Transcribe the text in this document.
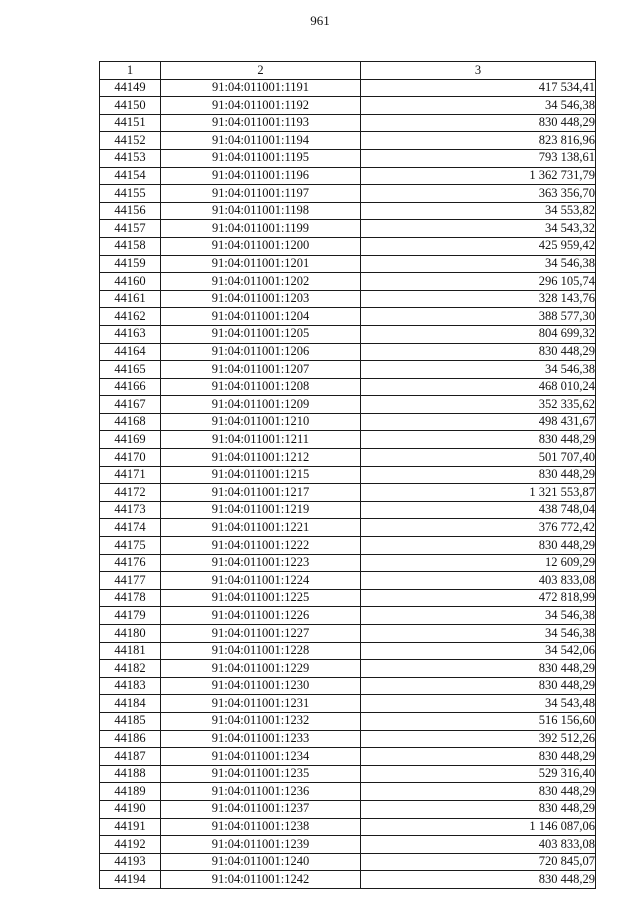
961
1	2	3
44149	91:04:011001:1191	417 534,41
44150	91:04:011001:1192	34 546,38
44151	91:04:011001:1193	830 448,29
44152	91:04:011001:1194	823 816,96
44153	91:04:011001:1195	793 138,61
44154	91:04:011001:1196	1 362 731,79
44155	91:04:011001:1197	363 356,70
44156	91:04:011001:1198	34 553,82
44157	91:04:011001:1199	34 543,32
44158	91:04:011001:1200	425 959,42
44159	91:04:011001:1201	34 546,38
44160	91:04:011001:1202	296 105,74
44161	91:04:011001:1203	328 143,76
44162	91:04:011001:1204	388 577,30
44163	91:04:011001:1205	804 699,32
44164	91:04:011001:1206	830 448,29
44165	91:04:011001:1207	34 546,38
44166	91:04:011001:1208	468 010,24
44167	91:04:011001:1209	352 335,62
44168	91:04:011001:1210	498 431,67
44169	91:04:011001:1211	830 448,29
44170	91:04:011001:1212	501 707,40
44171	91:04:011001:1215	830 448,29
44172	91:04:011001:1217	1 321 553,87
44173	91:04:011001:1219	438 748,04
44174	91:04:011001:1221	376 772,42
44175	91:04:011001:1222	830 448,29
44176	91:04:011001:1223	12 609,29
44177	91:04:011001:1224	403 833,08
44178	91:04:011001:1225	472 818,99
44179	91:04:011001:1226	34 546,38
44180	91:04:011001:1227	34 546,38
44181	91:04:011001:1228	34 542,06
44182	91:04:011001:1229	830 448,29
44183	91:04:011001:1230	830 448,29
44184	91:04:011001:1231	34 543,48
44185	91:04:011001:1232	516 156,60
44186	91:04:011001:1233	392 512,26
44187	91:04:011001:1234	830 448,29
44188	91:04:011001:1235	529 316,40
44189	91:04:011001:1236	830 448,29
44190	91:04:011001:1237	830 448,29
44191	91:04:011001:1238	1 146 087,06
44192	91:04:011001:1239	403 833,08
44193	91:04:011001:1240	720 845,07
44194	91:04:011001:1242	830 448,29
